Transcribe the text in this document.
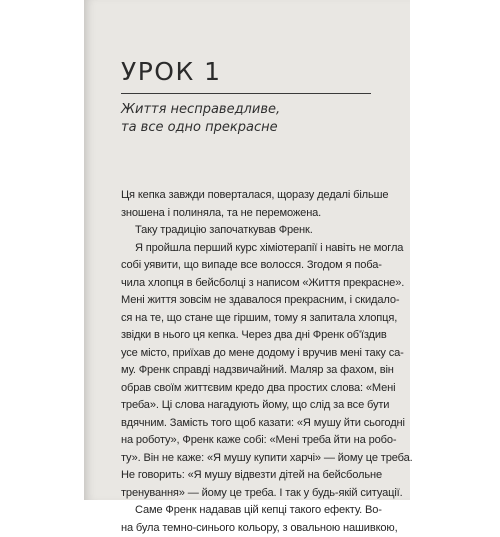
УРОК 1
Життя несправедливе,
та все одно прекрасне
Ця кепка завжди поверталася, щоразу дедалі більше
зношена і полиняла, та не переможена.
Таку традицію започаткував Френк.
Я пройшла перший курс хіміотерапії і навіть не могла
собі уявити, що випаде все волосся. Згодом я поба-
чила хлопця в бейсболці з написом «Життя прекрасне».
Мені життя зовсім не здавалося прекрасним, і скидало-
ся на те, що стане ще гіршим, тому я запитала хлопця,
звідки в нього ця кепка. Через два дні Френк об'їздив
усе місто, приїхав до мене додому і вручив мені таку са-
му. Френк справді надзвичайний. Маляр за фахом, він
обрав своїм життєвим кредо два простих слова: «Мені
треба». Ці слова нагадують йому, що слід за все бути
вдячним. Замість того щоб казати: «Я мушу йти сьогодні
на роботу», Френк каже собі: «Мені треба йти на робо-
ту». Він не каже: «Я мушу купити харчі» — йому це треба.
Не говорить: «Я мушу відвезти дітей на бейсбольне
тренування» — йому це треба. І так у будь-якій ситуації.
Саме Френк надавав цій кепці такого ефекту. Во-
на була темно-синього кольору, з овальною нашивкою,
